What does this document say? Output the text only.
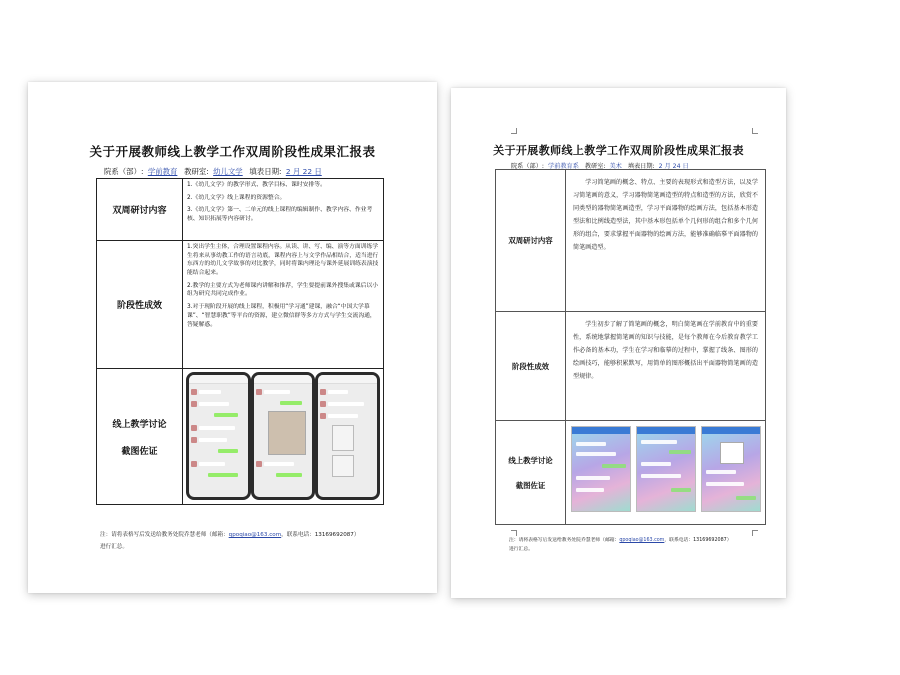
关于开展教师线上教学工作双周阶段性成果汇报表
院系（部）: 学前教育 教研室: 幼儿文学 填表日期: 2 月 22 日
双周研讨内容	1.《幼儿文学》的教学形式、教学目标、课时安排等。
2.《幼儿文学》线上课程的资源整合。
3.《幼儿文学》第一、二单元的线上课程的编辑制作、教学内容、作业考核、知识拓展等内容研讨。

阶段性成效	1.突出学生主体，合理设置课程内容。从读、讲、写、编、演等方面训练学生将来从事幼教工作的语言功底，课程内容上与文学作品相结合，适当进行东西方的幼儿文学故事的对比教学，同时将课内理论与课外延展训练表演技能结合起来。
2.教学的主要方式为老师课内讲解和推荐，学生要提前课外搜集或课后以小组为研究共同完成作业。
3.对于现阶段开展的线上课程，积极用“学习通”建课，融合“中国大学慕课”、“智慧职教”等平台的资源，建立微信群等多方方式与学生交流沟通，答疑解惑。

线上教学讨论
截图佐证	

注：请将表格写后发送给教务处院乔慧老师（邮箱：qpoqiao@163.com，联系电话：13169692087）
进行汇总。
关于开展教师线上教学工作双周阶段性成果汇报表
院系（部）: 学前教育系 教研室: 美术 填表日期: 2 月 24 日
双周研讨内容	学习简笔画的概念、特点、主要的表现形式和造型方法，以及学习简笔画的意义，学习器物简笔画造型的特点和造型的方法，欣赏不同类型的器物简笔画造型，学习平面器物的绘画方法，包括基本形造型法和比例线造型法，其中基本形包括单个几何形的组合和多个几何形的组合，要求掌握平面器物的绘画方法，能够准确临摹平面器物的简笔画造型。

阶段性成效	学生初步了解了简笔画的概念，明白简笔画在学前教育中的重要性，系统地掌握简笔画的知识与技能，是每个教师在今后教育教学工作必备的基本功，学生在学习和临摹的过程中，掌握了线条、图形的绘画技巧，能够积累默写，用简单的图形概括出平面器物简笔画的造型规律。

线上教学讨论
截图佐证	

注：请将表格写后发送给教务处院乔慧老师（邮箱：qpoqiao@163.com，联系电话：13169692087）
进行汇总。
